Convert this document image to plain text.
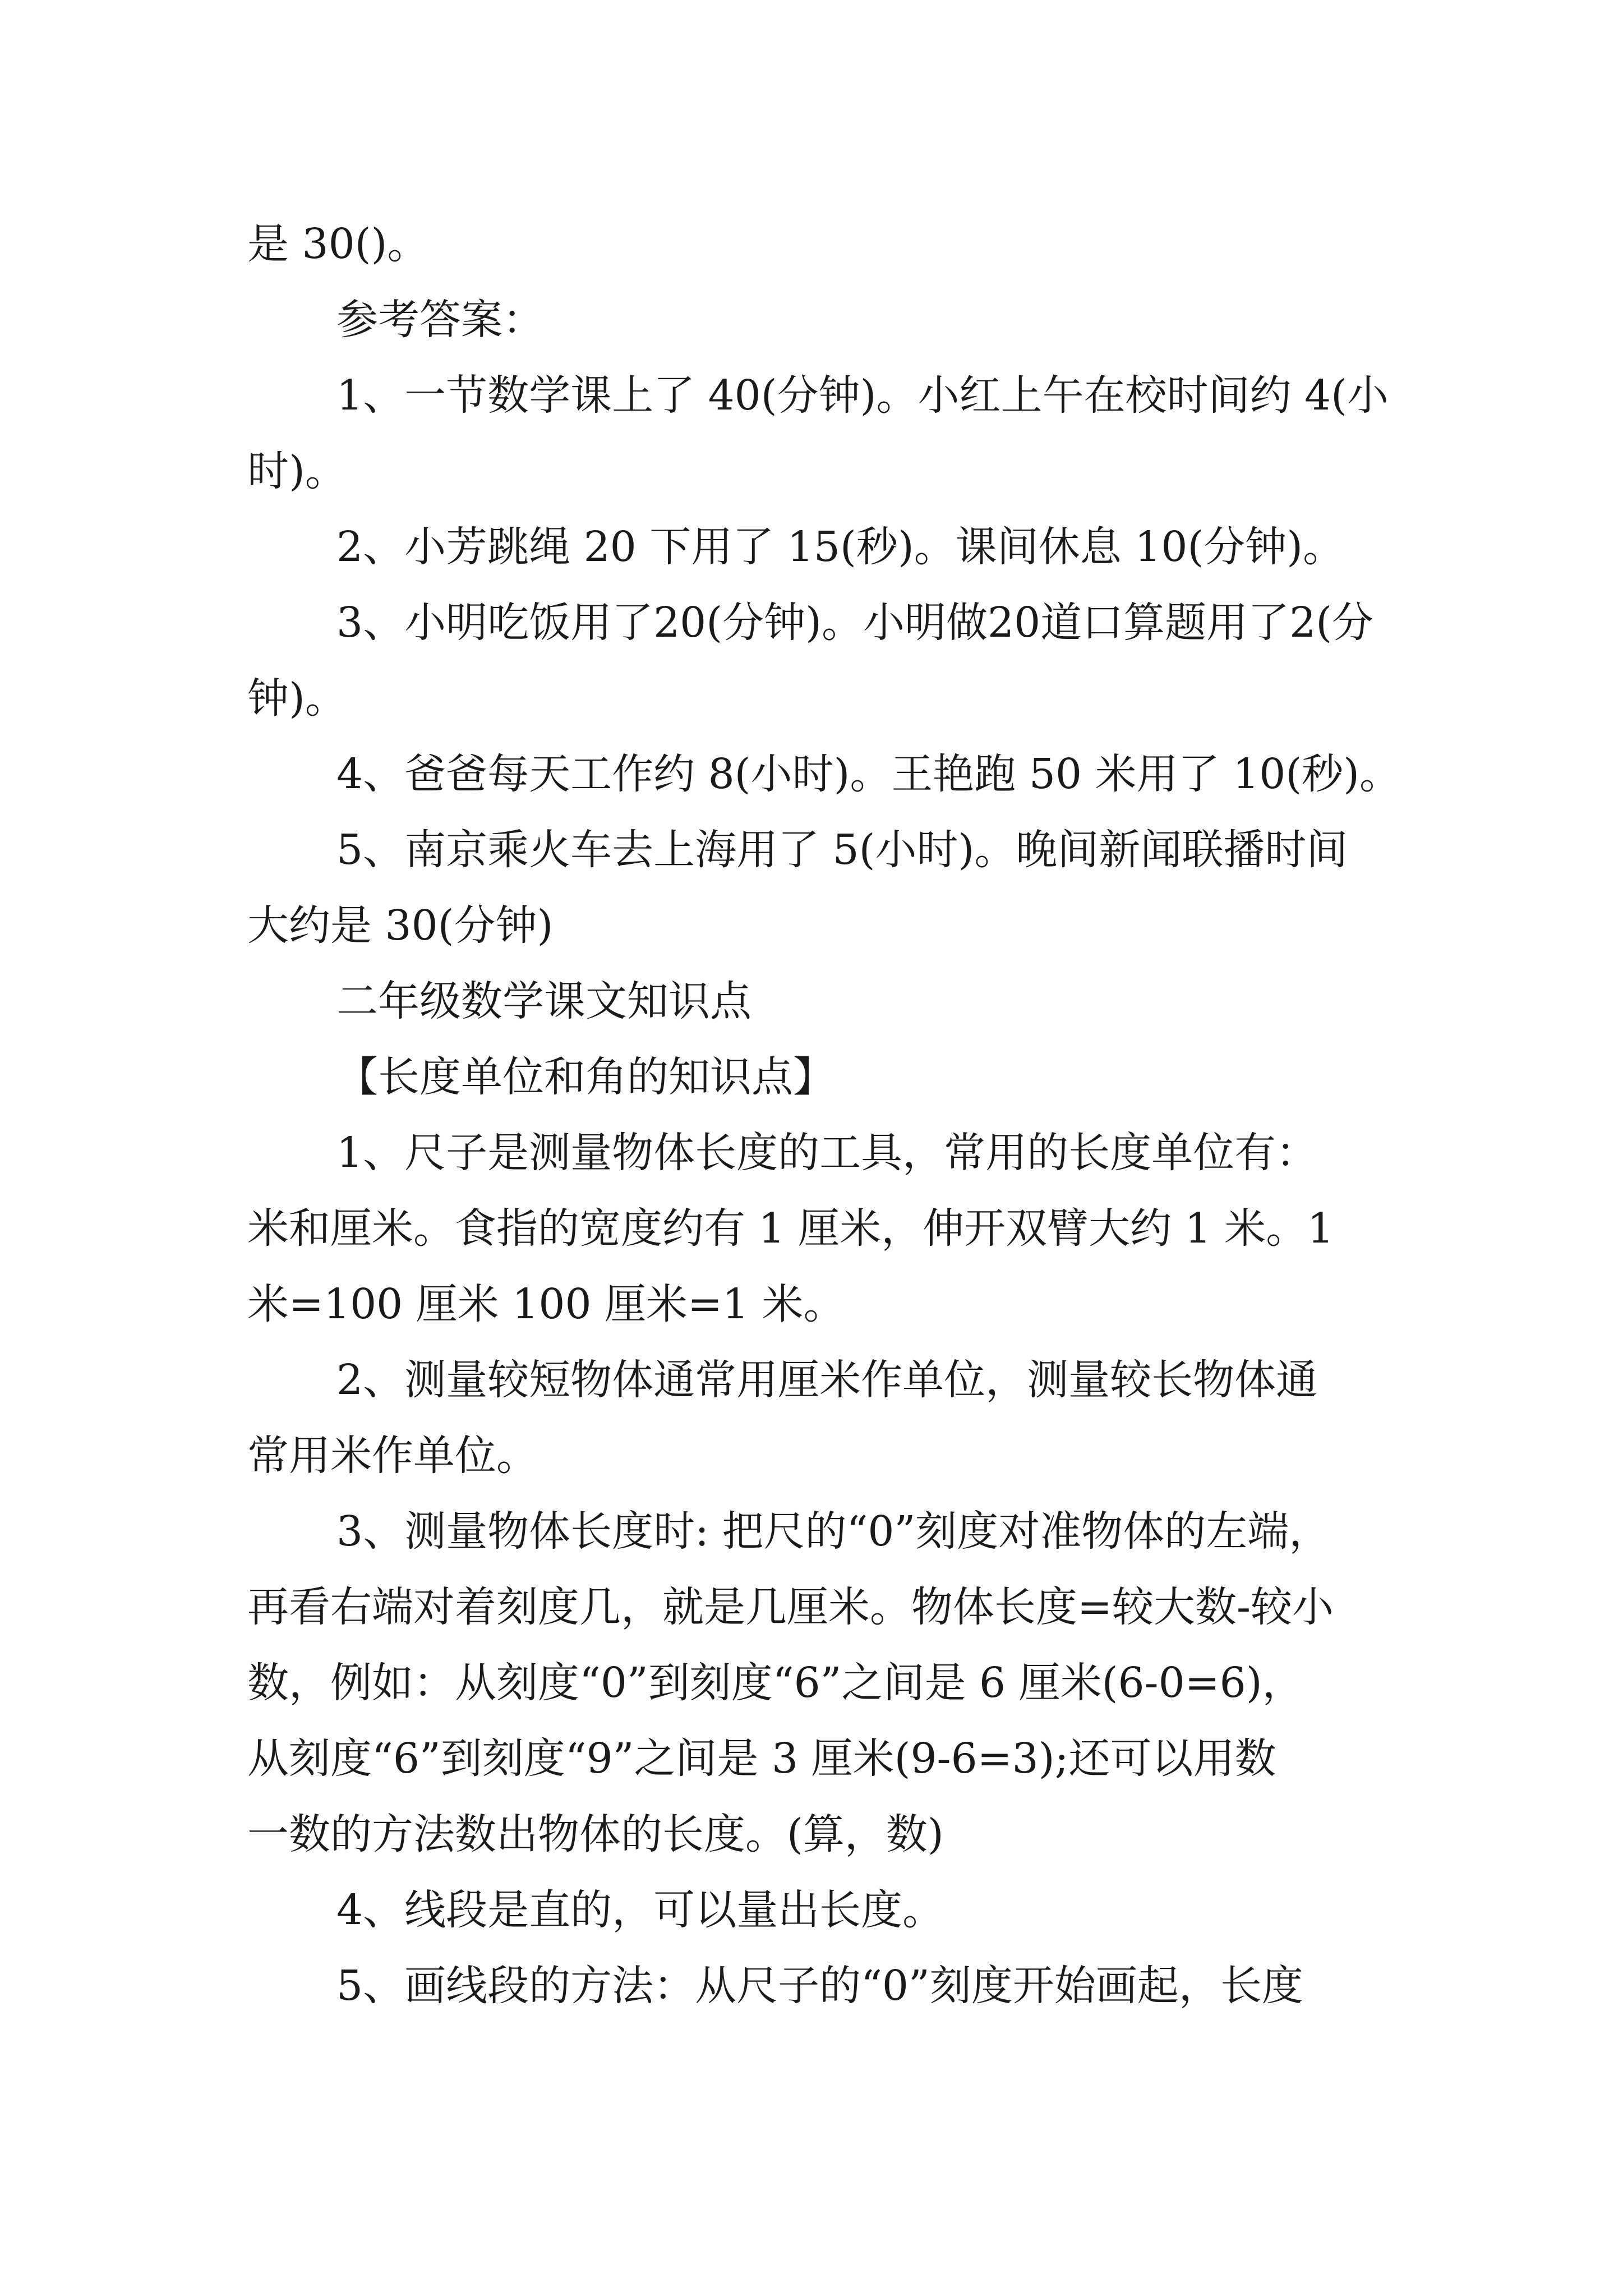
是 30()。

参考答案：

1、一节数学课上了 40(分钟)。小红上午在校时间约 4(小

时)。

2、小芳跳绳 20 下用了 15(秒)。课间休息 10(分钟)。

3、小明吃饭用了20(分钟)。小明做20道口算题用了2(分

钟)。

4、爸爸每天工作约 8(小时)。王艳跑 50 米用了 10(秒)。

5、南京乘火车去上海用了 5(小时)。晚间新闻联播时间

大约是 30(分钟)

二年级数学课文知识点

【长度单位和角的知识点】

1、尺子是测量物体长度的工具，常用的长度单位有：

米和厘米。食指的宽度约有 1 厘米，伸开双臂大约 1 米。1

米=100 厘米 100 厘米=1 米。

2、测量较短物体通常用厘米作单位，测量较长物体通

常用米作单位。

3、测量物体长度时: 把尺的“0”刻度对准物体的左端，

再看右端对着刻度几，就是几厘米。物体长度=较大数-较小

数，例如：从刻度“0”到刻度“6”之间是 6 厘米(6-0=6)，

从刻度“6”到刻度“9”之间是 3 厘米(9-6=3);还可以用数

一数的方法数出物体的长度。(算，数)

4、线段是直的，可以量出长度。

5、画线段的方法：从尺子的“0”刻度开始画起，长度
